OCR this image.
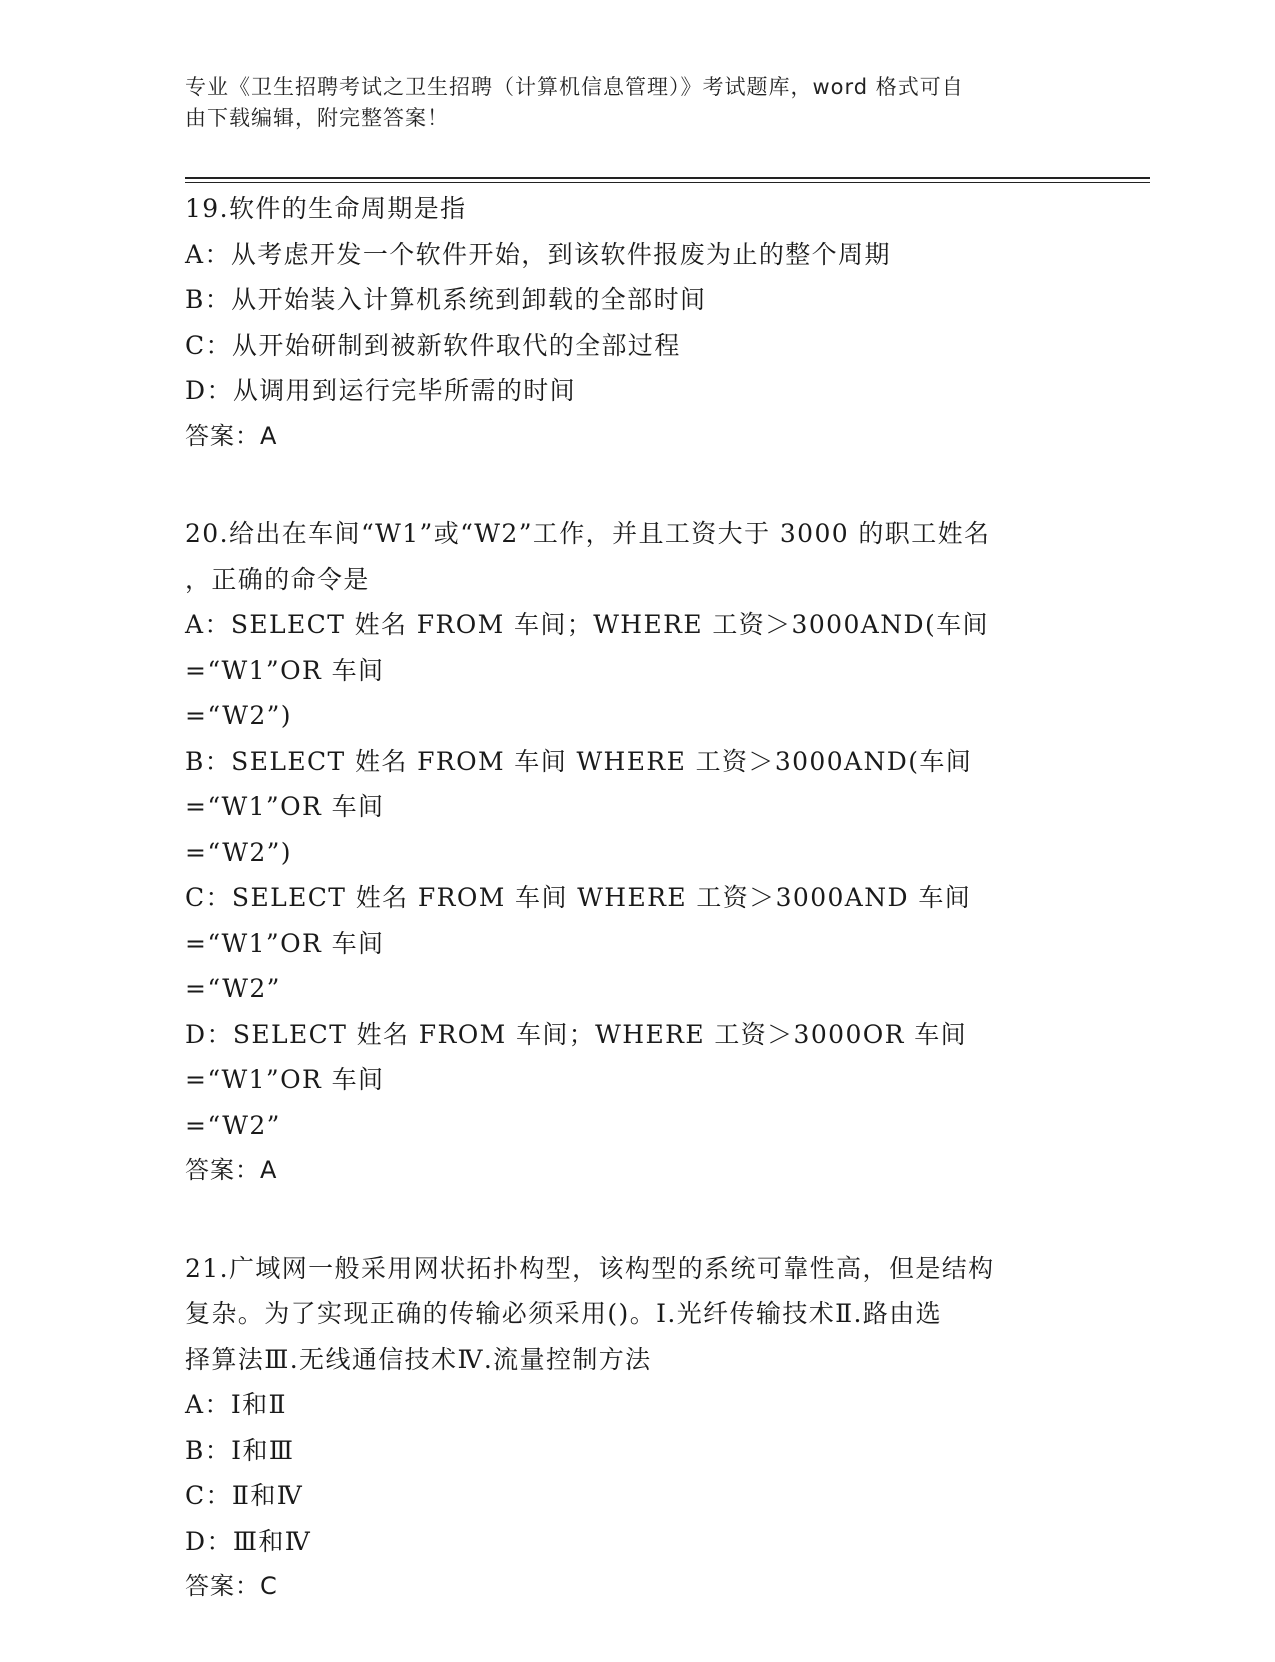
专业《卫生招聘考试之卫生招聘（计算机信息管理）》考试题库，word 格式可自
由下载编辑，附完整答案！
19.软件的生命周期是指
A：从考虑开发一个软件开始，到该软件报废为止的整个周期
B：从开始装入计算机系统到卸载的全部时间
C：从开始研制到被新软件取代的全部过程
D：从调用到运行完毕所需的时间
答案：A
20.给出在车间“W1”或“W2”工作，并且工资大于 3000 的职工姓名
，正确的命令是
A：SELECT 姓名 FROM 车间；WHERE 工资＞3000AND(车间=“W1”OR 车间
=“W2”)
B：SELECT 姓名 FROM 车间 WHERE 工资＞3000AND(车间=“W1”OR 车间
=“W2”)
C：SELECT 姓名 FROM 车间 WHERE 工资＞3000AND 车间=“W1”OR 车间
=“W2”
D：SELECT 姓名 FROM 车间；WHERE 工资＞3000OR 车间=“W1”OR 车间
=“W2”
答案：A
21.广域网一般采用网状拓扑构型，该构型的系统可靠性高，但是结构
复杂。为了实现正确的传输必须采用()。Ⅰ.光纤传输技术Ⅱ.路由选
择算法Ⅲ.无线通信技术Ⅳ.流量控制方法
A：Ⅰ和Ⅱ
B：Ⅰ和Ⅲ
C：Ⅱ和Ⅳ
D：Ⅲ和Ⅳ
答案：C
